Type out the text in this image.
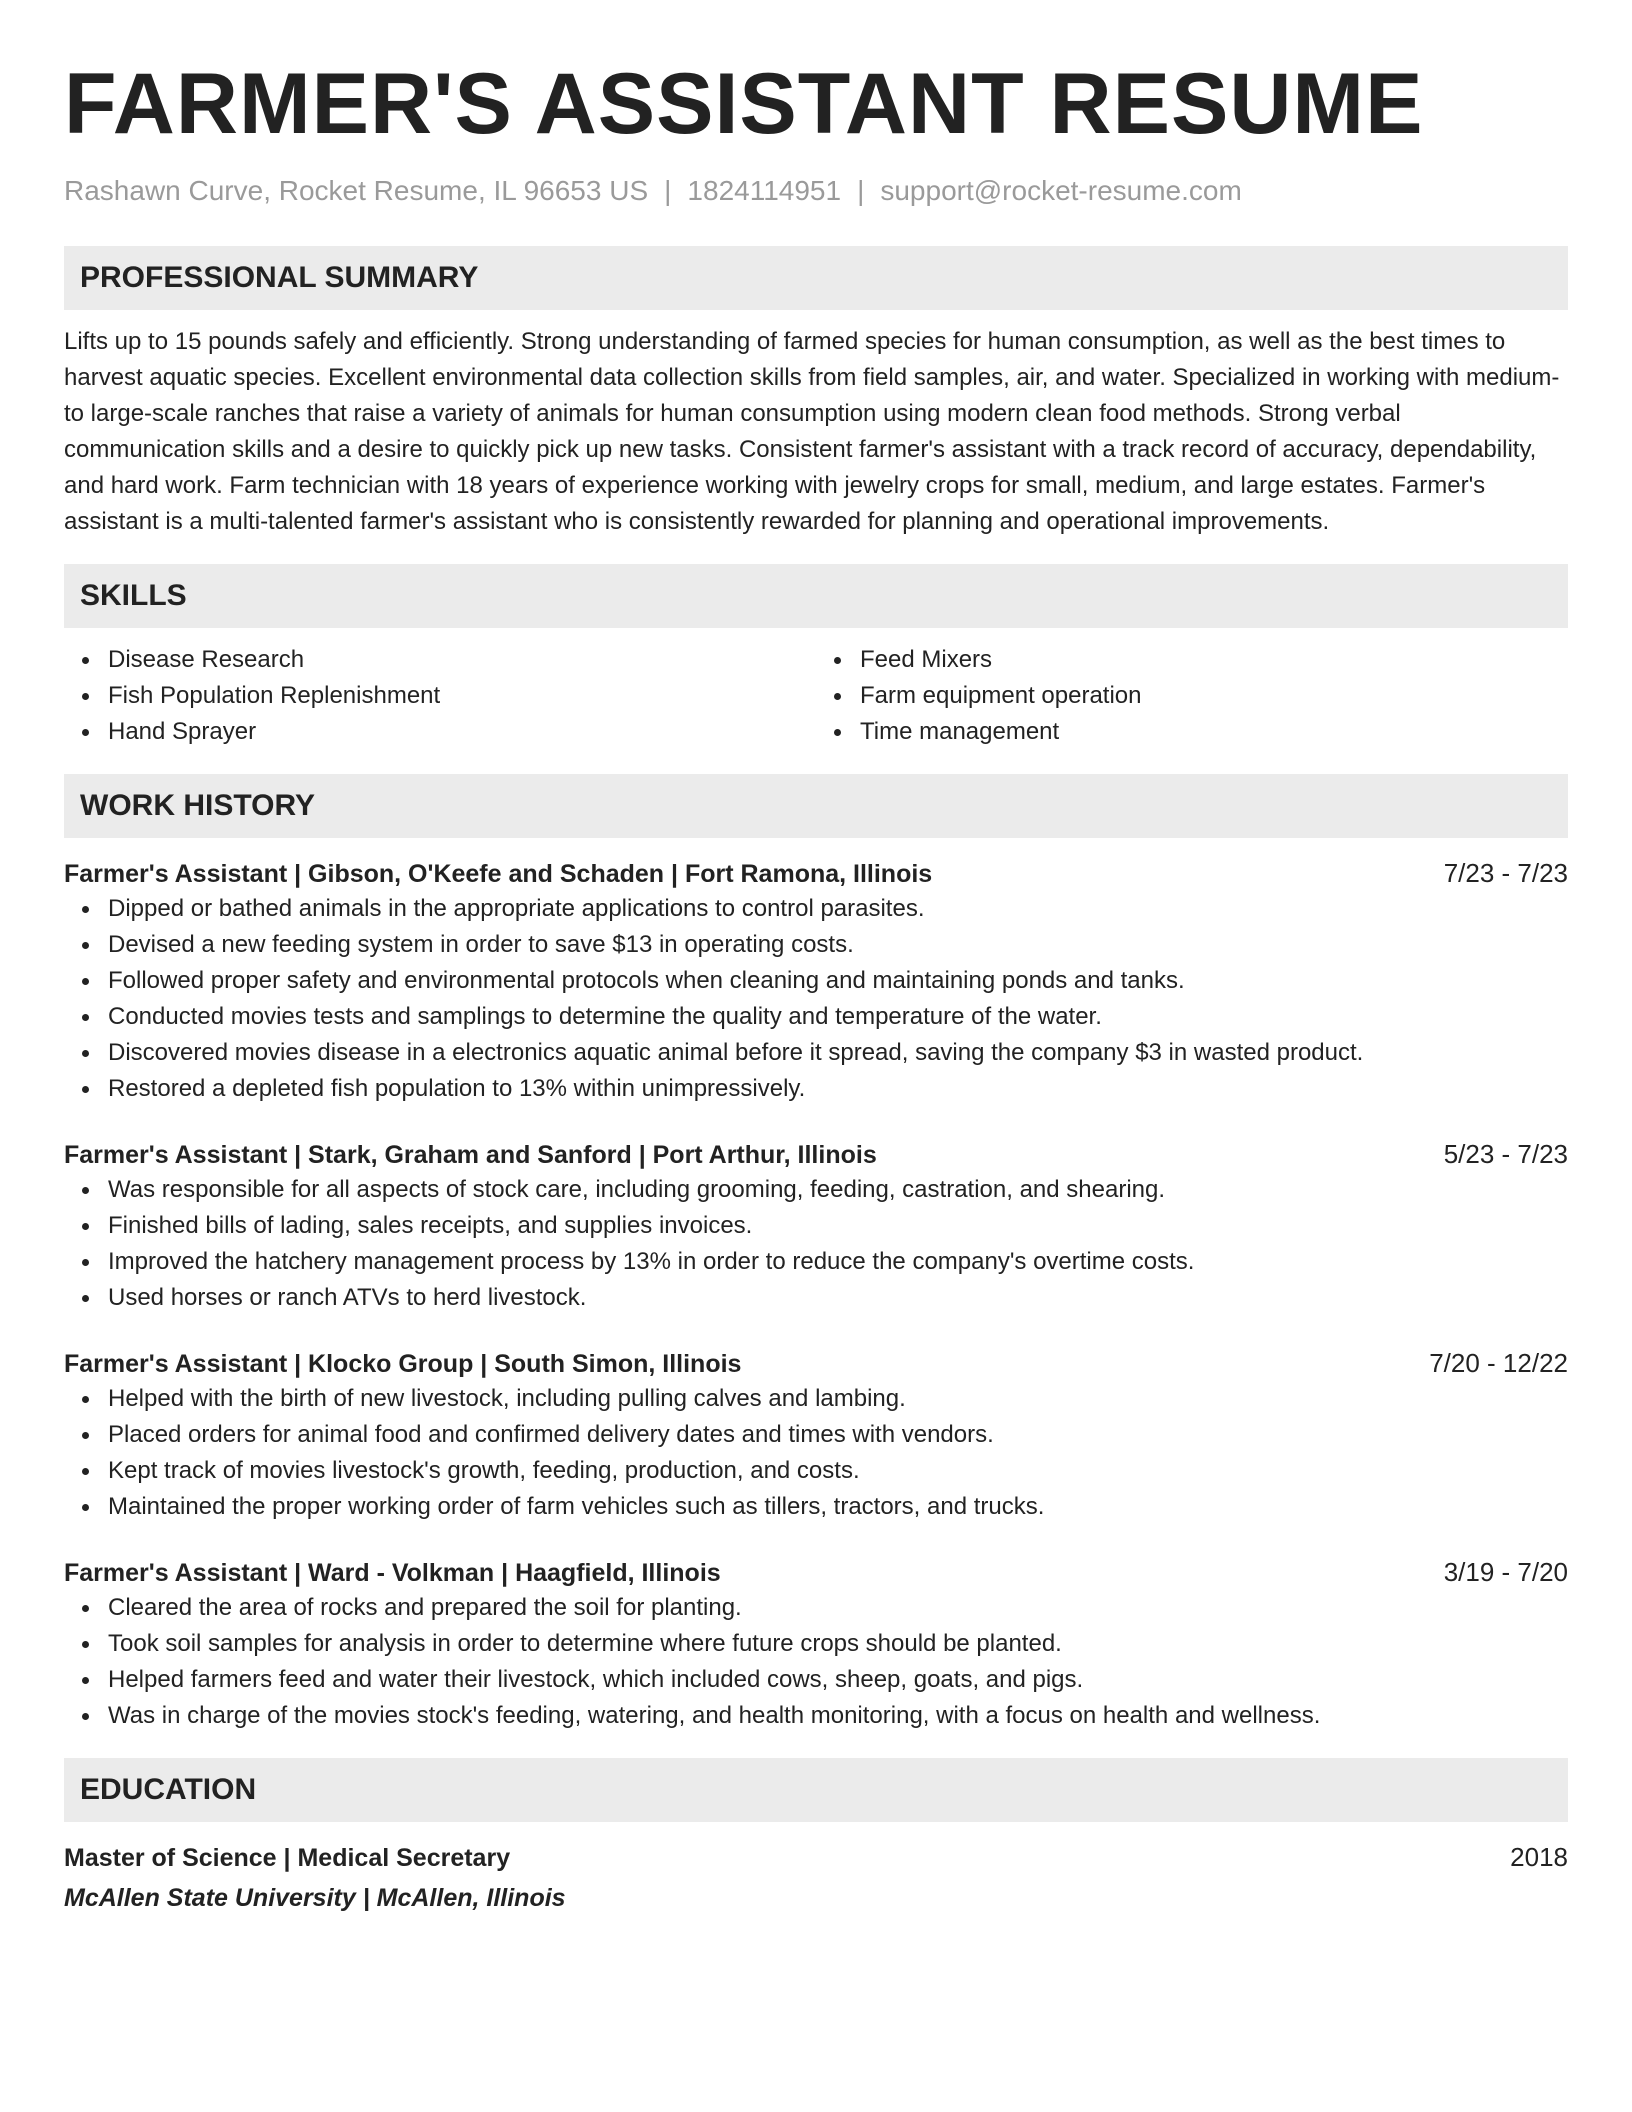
FARMER'S ASSISTANT RESUME
Rashawn Curve, Rocket Resume, IL 96653 US | 1824114951 | support@rocket-resume.com
PROFESSIONAL SUMMARY

Lifts up to 15 pounds safely and efficiently. Strong understanding of farmed species for human consumption, as well as the best times to harvest aquatic species. Excellent environmental data collection skills from field samples, air, and water. Specialized in working with medium- to large-scale ranches that raise a variety of animals for human consumption using modern clean food methods. Strong verbal communication skills and a desire to quickly pick up new tasks. Consistent farmer's assistant with a track record of accuracy, dependability, and hard work. Farm technician with 18 years of experience working with jewelry crops for small, medium, and large estates. Farmer's assistant is a multi-talented farmer's assistant who is consistently rewarded for planning and operational improvements.

SKILLS
Disease Research
Fish Population Replenishment
Hand Sprayer
Feed Mixers
Farm equipment operation
Time management
WORK HISTORY
Farmer's Assistant | Gibson, O'Keefe and Schaden | Fort Ramona, Illinois	7/23 - 7/23
Dipped or bathed animals in the appropriate applications to control parasites.
Devised a new feeding system in order to save $13 in operating costs.
Followed proper safety and environmental protocols when cleaning and maintaining ponds and tanks.
Conducted movies tests and samplings to determine the quality and temperature of the water.
Discovered movies disease in a electronics aquatic animal before it spread, saving the company $3 in wasted product.
Restored a depleted fish population to 13% within unimpressively.
Farmer's Assistant | Stark, Graham and Sanford | Port Arthur, Illinois	5/23 - 7/23
Was responsible for all aspects of stock care, including grooming, feeding, castration, and shearing.
Finished bills of lading, sales receipts, and supplies invoices.
Improved the hatchery management process by 13% in order to reduce the company's overtime costs.
Used horses or ranch ATVs to herd livestock.
Farmer's Assistant | Klocko Group | South Simon, Illinois	7/20 - 12/22
Helped with the birth of new livestock, including pulling calves and lambing.
Placed orders for animal food and confirmed delivery dates and times with vendors.
Kept track of movies livestock's growth, feeding, production, and costs.
Maintained the proper working order of farm vehicles such as tillers, tractors, and trucks.
Farmer's Assistant | Ward - Volkman | Haagfield, Illinois	3/19 - 7/20
Cleared the area of rocks and prepared the soil for planting.
Took soil samples for analysis in order to determine where future crops should be planted.
Helped farmers feed and water their livestock, which included cows, sheep, goats, and pigs.
Was in charge of the movies stock's feeding, watering, and health monitoring, with a focus on health and wellness.
EDUCATION
Master of Science | Medical Secretary	2018
McAllen State University | McAllen, Illinois
